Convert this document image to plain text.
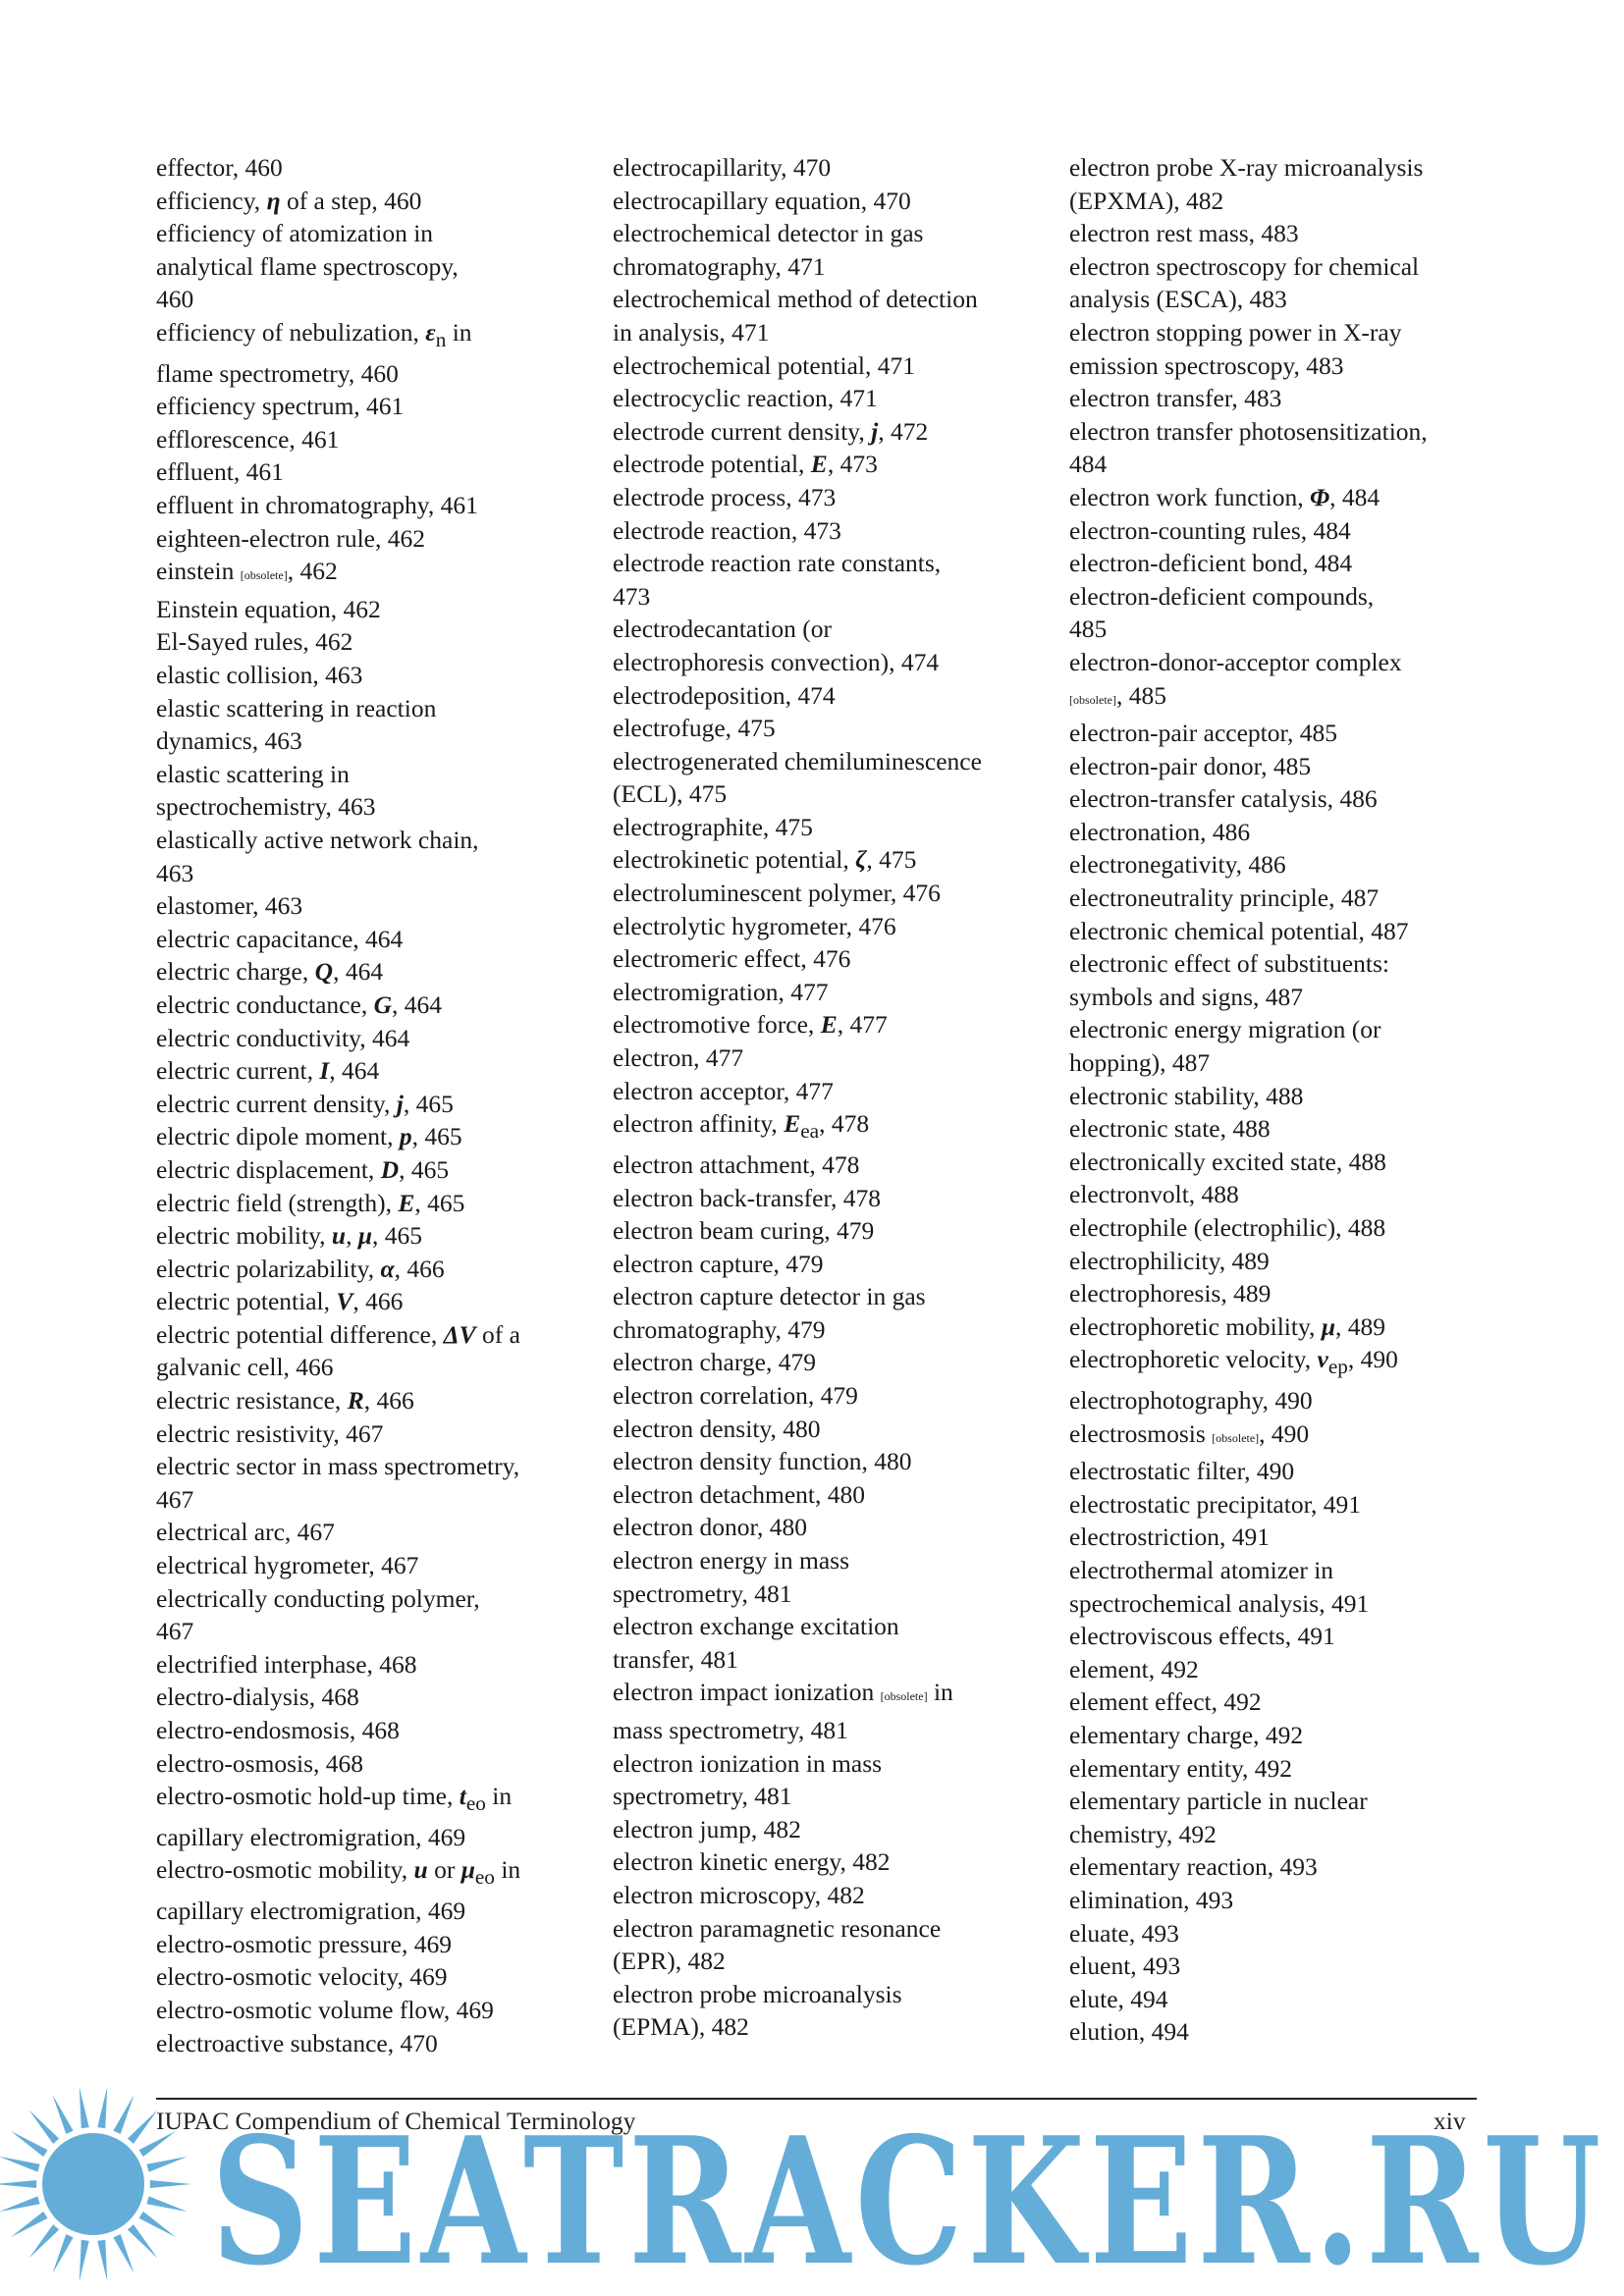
effector, 460
efficiency, η of a step, 460
efficiency of atomization in
analytical flame spectroscopy,
460
efficiency of nebulization, $\varepsilon_n$ in
flame spectrometry, 460
efficiency spectrum, 461
efflorescence, 461
effluent, 461
effluent in chromatography, 461
eighteen-electron rule, 462
einstein [obsolete], 462
Einstein equation, 462
El-Sayed rules, 462
elastic collision, 463
elastic scattering in reaction
dynamics, 463
elastic scattering in
spectrochemistry, 463
elastically active network chain,
463
elastomer, 463
electric capacitance, 464
electric charge, Q, 464
electric conductance, G, 464
electric conductivity, 464
electric current, I, 464
electric current density, j, 465
electric dipole moment, p, 465
electric displacement, D, 465
electric field (strength), E, 465
electric mobility, u, μ, 465
electric polarizability, α, 466
electric potential, V, 466
electric potential difference, ΔV of a
galvanic cell, 466
electric resistance, R, 466
electric resistivity, 467
electric sector in mass spectrometry,
467
electrical arc, 467
electrical hygrometer, 467
electrically conducting polymer,
467
electrified interphase, 468
electro-dialysis, 468
electro-endosmosis, 468
electro-osmosis, 468
electro-osmotic hold-up time, $t_{eo}$ in
capillary electromigration, 469
electro-osmotic mobility, u or $\mu_{eo}$ in
capillary electromigration, 469
electro-osmotic pressure, 469
electro-osmotic velocity, 469
electro-osmotic volume flow, 469
electroactive substance, 470
electrocapillarity, 470
electrocapillary equation, 470
electrochemical detector in gas
chromatography, 471
electrochemical method of detection
in analysis, 471
electrochemical potential, 471
electrocyclic reaction, 471
electrode current density, j, 472
electrode potential, E, 473
electrode process, 473
electrode reaction, 473
electrode reaction rate constants,
473
electrodecantation (or
electrophoresis convection), 474
electrodeposition, 474
electrofuge, 475
electrogenerated chemiluminescence
(ECL), 475
electrographite, 475
electrokinetic potential, ζ, 475
electroluminescent polymer, 476
electrolytic hygrometer, 476
electromeric effect, 476
electromigration, 477
electromotive force, E, 477
electron, 477
electron acceptor, 477
electron affinity, $E_{ea}$, 478
electron attachment, 478
electron back-transfer, 478
electron beam curing, 479
electron capture, 479
electron capture detector in gas
chromatography, 479
electron charge, 479
electron correlation, 479
electron density, 480
electron density function, 480
electron detachment, 480
electron donor, 480
electron energy in mass
spectrometry, 481
electron exchange excitation
transfer, 481
electron impact ionization [obsolete] in
mass spectrometry, 481
electron ionization in mass
spectrometry, 481
electron jump, 482
electron kinetic energy, 482
electron microscopy, 482
electron paramagnetic resonance
(EPR), 482
electron probe microanalysis
(EPMA), 482
electron probe X-ray microanalysis
(EPXMA), 482
electron rest mass, 483
electron spectroscopy for chemical
analysis (ESCA), 483
electron stopping power in X-ray
emission spectroscopy, 483
electron transfer, 483
electron transfer photosensitization,
484
electron work function, Φ, 484
electron-counting rules, 484
electron-deficient bond, 484
electron-deficient compounds,
485
electron-donor-acceptor complex
[obsolete], 485
electron-pair acceptor, 485
electron-pair donor, 485
electron-transfer catalysis, 486
electronation, 486
electronegativity, 486
electroneutrality principle, 487
electronic chemical potential, 487
electronic effect of substituents:
symbols and signs, 487
electronic energy migration (or
hopping), 487
electronic stability, 488
electronic state, 488
electronically excited state, 488
electronvolt, 488
electrophile (electrophilic), 488
electrophilicity, 489
electrophoresis, 489
electrophoretic mobility, μ, 489
electrophoretic velocity, $\nu_{ep}$, 490
electrophotography, 490
electrosmosis [obsolete], 490
electrostatic filter, 490
electrostatic precipitator, 491
electrostriction, 491
electrothermal atomizer in
spectrochemical analysis, 491
electroviscous effects, 491
element, 492
element effect, 492
elementary charge, 492
elementary entity, 492
elementary particle in nuclear
chemistry, 492
elementary reaction, 493
elimination, 493
eluate, 493
eluent, 493
elute, 494
elution, 494
IUPAC Compendium of Chemical Terminology	xiv
SEATRACKER.RU
